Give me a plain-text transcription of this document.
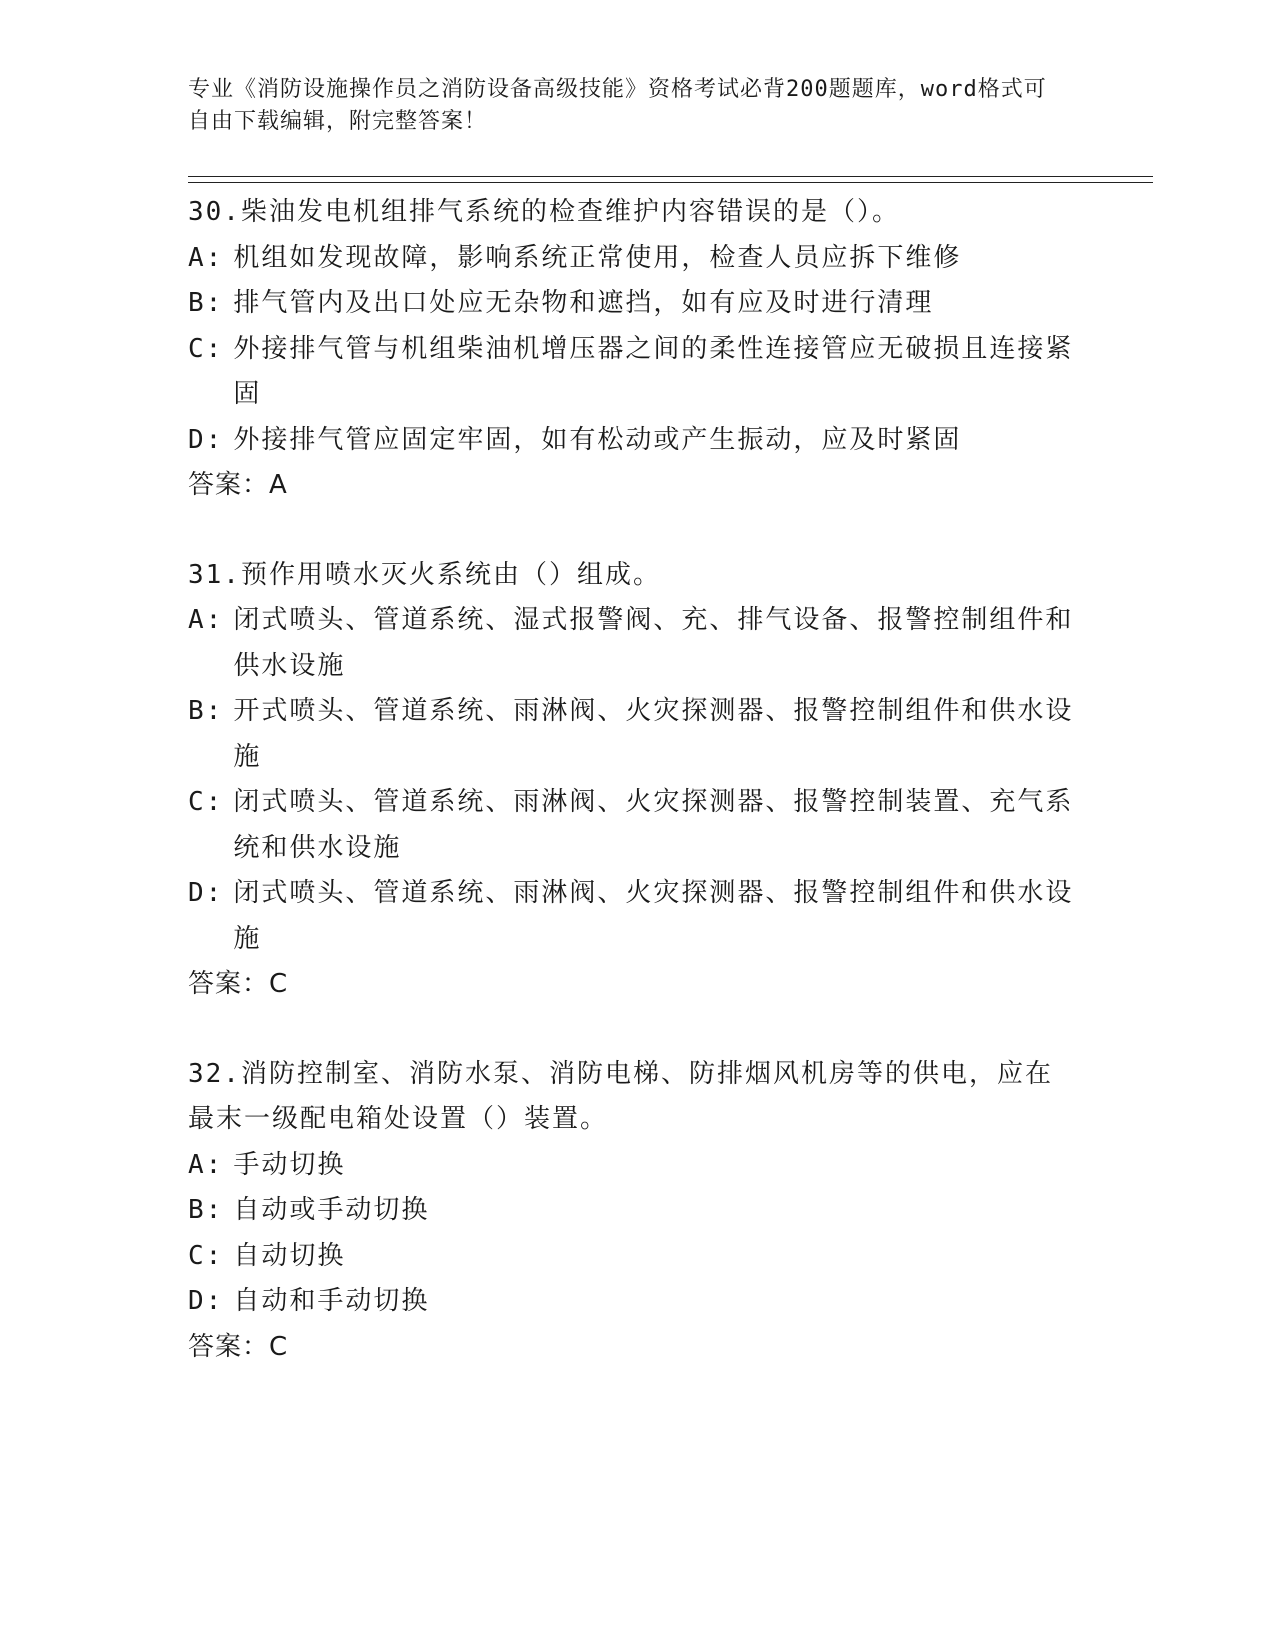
专业《消防设施操作员之消防设备高级技能》资格考试必背200题题库，word格式可自由下载编辑，附完整答案！

30.柴油发电机组排气系统的检查维护内容错误的是（）。

A : 机组如发现故障，影响系统正常使用，检查人员应拆下维修
B : 排气管内及出口处应无杂物和遮挡，如有应及时进行清理
C : 外接排气管与机组柴油机增压器之间的柔性连接管应无破损且连接紧固
D : 外接排气管应固定牢固，如有松动或产生振动，应及时紧固

答案：A

31.预作用喷水灭火系统由（）组成。

A : 闭式喷头、管道系统、湿式报警阀、充、排气设备、报警控制组件和供水设施
B : 开式喷头、管道系统、雨淋阀、火灾探测器、报警控制组件和供水设施
C : 闭式喷头、管道系统、雨淋阀、火灾探测器、报警控制装置、充气系统和供水设施
D : 闭式喷头、管道系统、雨淋阀、火灾探测器、报警控制组件和供水设施

答案：C

32.消防控制室、消防水泵、消防电梯、防排烟风机房等的供电，应在最末一级配电箱处设置（）装置。

A : 手动切换
B : 自动或手动切换
C : 自动切换
D : 自动和手动切换

答案：C
